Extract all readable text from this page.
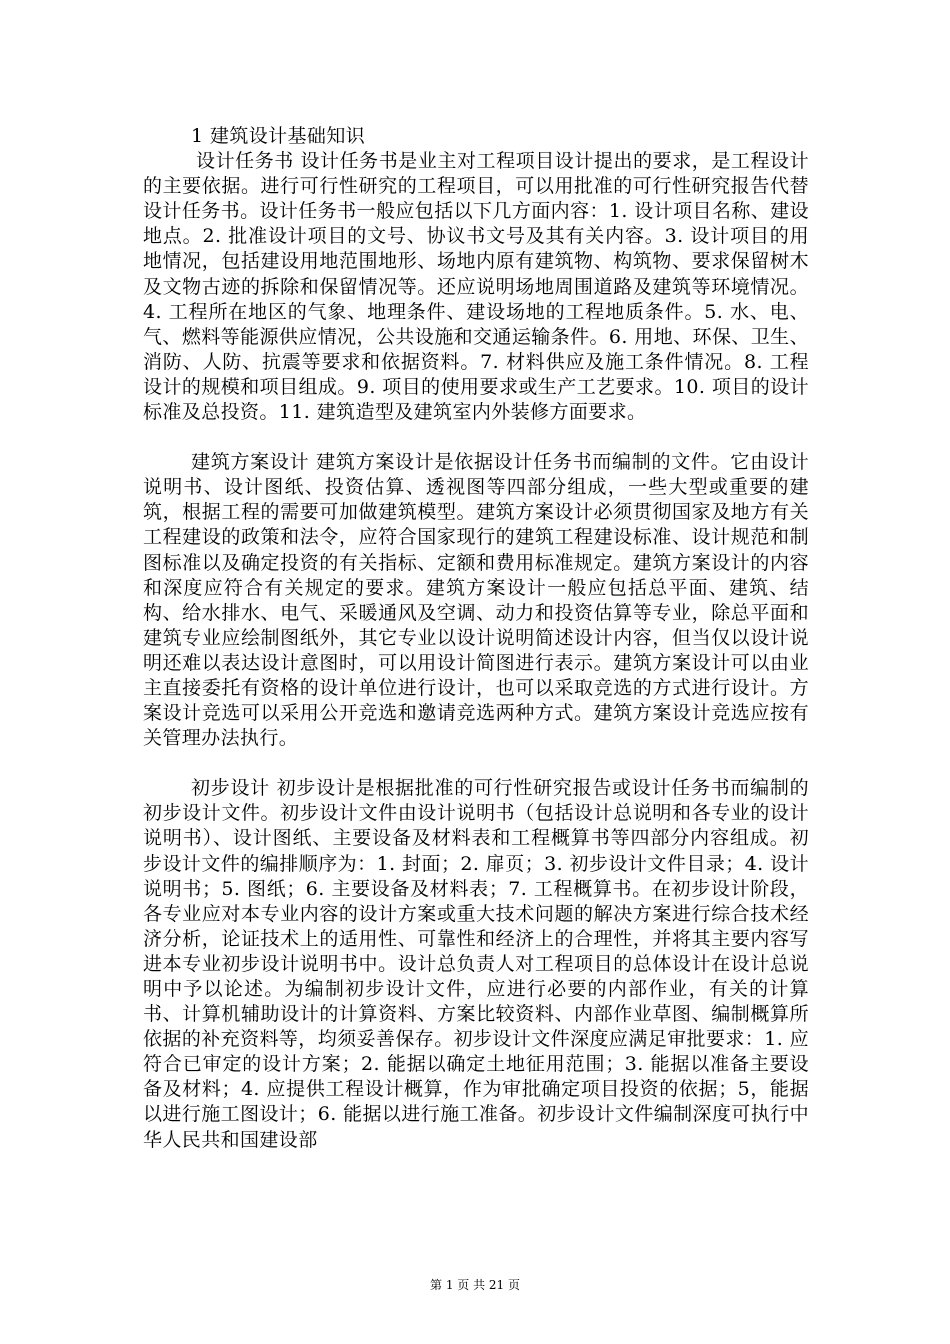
1 建筑设计基础知识

设计任务书 设计任务书是业主对工程项目设计提出的要求，是工程设计的主要依据。进行可行性研究的工程项目，可以用批准的可行性研究报告代替设计任务书。设计任务书一般应包括以下几方面内容：1. 设计项目名称、建设地点。2. 批准设计项目的文号、协议书文号及其有关内容。3. 设计项目的用地情况，包括建设用地范围地形、场地内原有建筑物、构筑物、要求保留树木及文物古迹的拆除和保留情况等。还应说明场地周围道路及建筑等环境情况。4. 工程所在地区的气象、地理条件、建设场地的工程地质条件。5. 水、电、气、燃料等能源供应情况，公共设施和交通运输条件。6. 用地、环保、卫生、消防、人防、抗震等要求和依据资料。7. 材料供应及施工条件情况。8. 工程设计的规模和项目组成。9. 项目的使用要求或生产工艺要求。10. 项目的设计标准及总投资。11. 建筑造型及建筑室内外装修方面要求。

建筑方案设计 建筑方案设计是依据设计任务书而编制的文件。它由设计说明书、设计图纸、投资估算、透视图等四部分组成，一些大型或重要的建筑，根据工程的需要可加做建筑模型。建筑方案设计必须贯彻国家及地方有关工程建设的政策和法令，应符合国家现行的建筑工程建设标准、设计规范和制图标准以及确定投资的有关指标、定额和费用标准规定。建筑方案设计的内容和深度应符合有关规定的要求。建筑方案设计一般应包括总平面、建筑、结构、给水排水、电气、采暖通风及空调、动力和投资估算等专业，除总平面和建筑专业应绘制图纸外，其它专业以设计说明简述设计内容，但当仅以设计说明还难以表达设计意图时，可以用设计简图进行表示。建筑方案设计可以由业主直接委托有资格的设计单位进行设计，也可以采取竞选的方式进行设计。方案设计竞选可以采用公开竞选和邀请竞选两种方式。建筑方案设计竞选应按有关管理办法执行。

初步设计 初步设计是根据批准的可行性研究报告或设计任务书而编制的初步设计文件。初步设计文件由设计说明书（包括设计总说明和各专业的设计说明书）、设计图纸、主要设备及材料表和工程概算书等四部分内容组成。初步设计文件的编排顺序为：1. 封面；2. 扉页；3. 初步设计文件目录；4. 设计说明书；5. 图纸；6. 主要设备及材料表；7. 工程概算书。在初步设计阶段，各专业应对本专业内容的设计方案或重大技术问题的解决方案进行综合技术经济分析，论证技术上的适用性、可靠性和经济上的合理性，并将其主要内容写进本专业初步设计说明书中。设计总负责人对工程项目的总体设计在设计总说明中予以论述。为编制初步设计文件，应进行必要的内部作业，有关的计算书、计算机辅助设计的计算资料、方案比较资料、内部作业草图、编制概算所依据的补充资料等，均须妥善保存。初步设计文件深度应满足审批要求：1. 应符合已审定的设计方案；2. 能据以确定土地征用范围；3. 能据以准备主要设备及材料；4. 应提供工程设计概算，作为审批确定项目投资的依据；5，能据以进行施工图设计；6. 能据以进行施工准备。初步设计文件编制深度可执行中华人民共和国建设部

第 1 页 共 21 页
